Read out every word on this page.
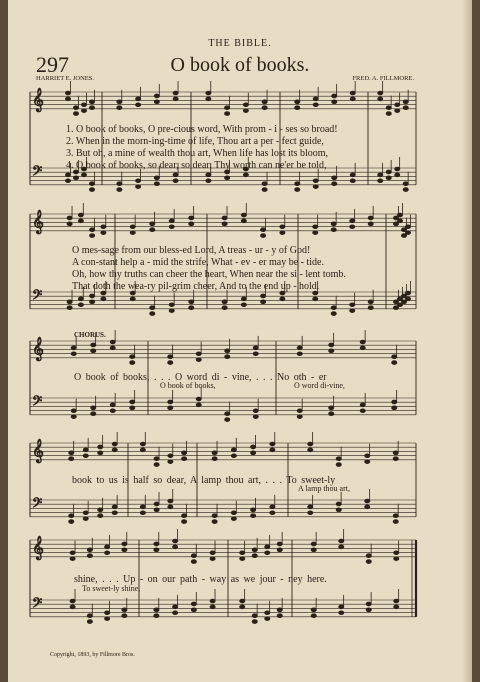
𝄞
𝄢
𝄞
𝄢
𝄞
𝄢
𝄞
𝄢
𝄞
𝄢
THE BIBLE.
297	O book of books.
HARRIET E. JONES.	FRED. A. FILLMORE.
1. O book of books, O pre-cious word, With prom - i - ses so broad!
2. When in the morn-ing-time of life, Thou art a per - fect guide,
3. But oh, a mine of wealth thou art, When life has lost its bloom,
4. O book of books, so dear, so dear, Thy worth can ne'er be told,
O mes-sage from our bless-ed Lord, A treas - ur - y of God!
A con-stant help a - mid the strife, What - ev - er may be - tide.
Oh, how thy truths can cheer the heart, When near the si - lent tomb.
That doth the wea-ry pil-grim cheer, And to the end up - hold.
CHORUS.
O book of books, . . . O word di - vine, . . . No oth - er
O book of books,	O word di-vine,
book to us is half so dear, A lamp thou art, . . . To sweet-ly
A lamp thou art,
shine, . . . Up - on our path - way as we jour - ney here.
To sweet-ly shine,
Copyright, 1893, by Fillmore Bros.
